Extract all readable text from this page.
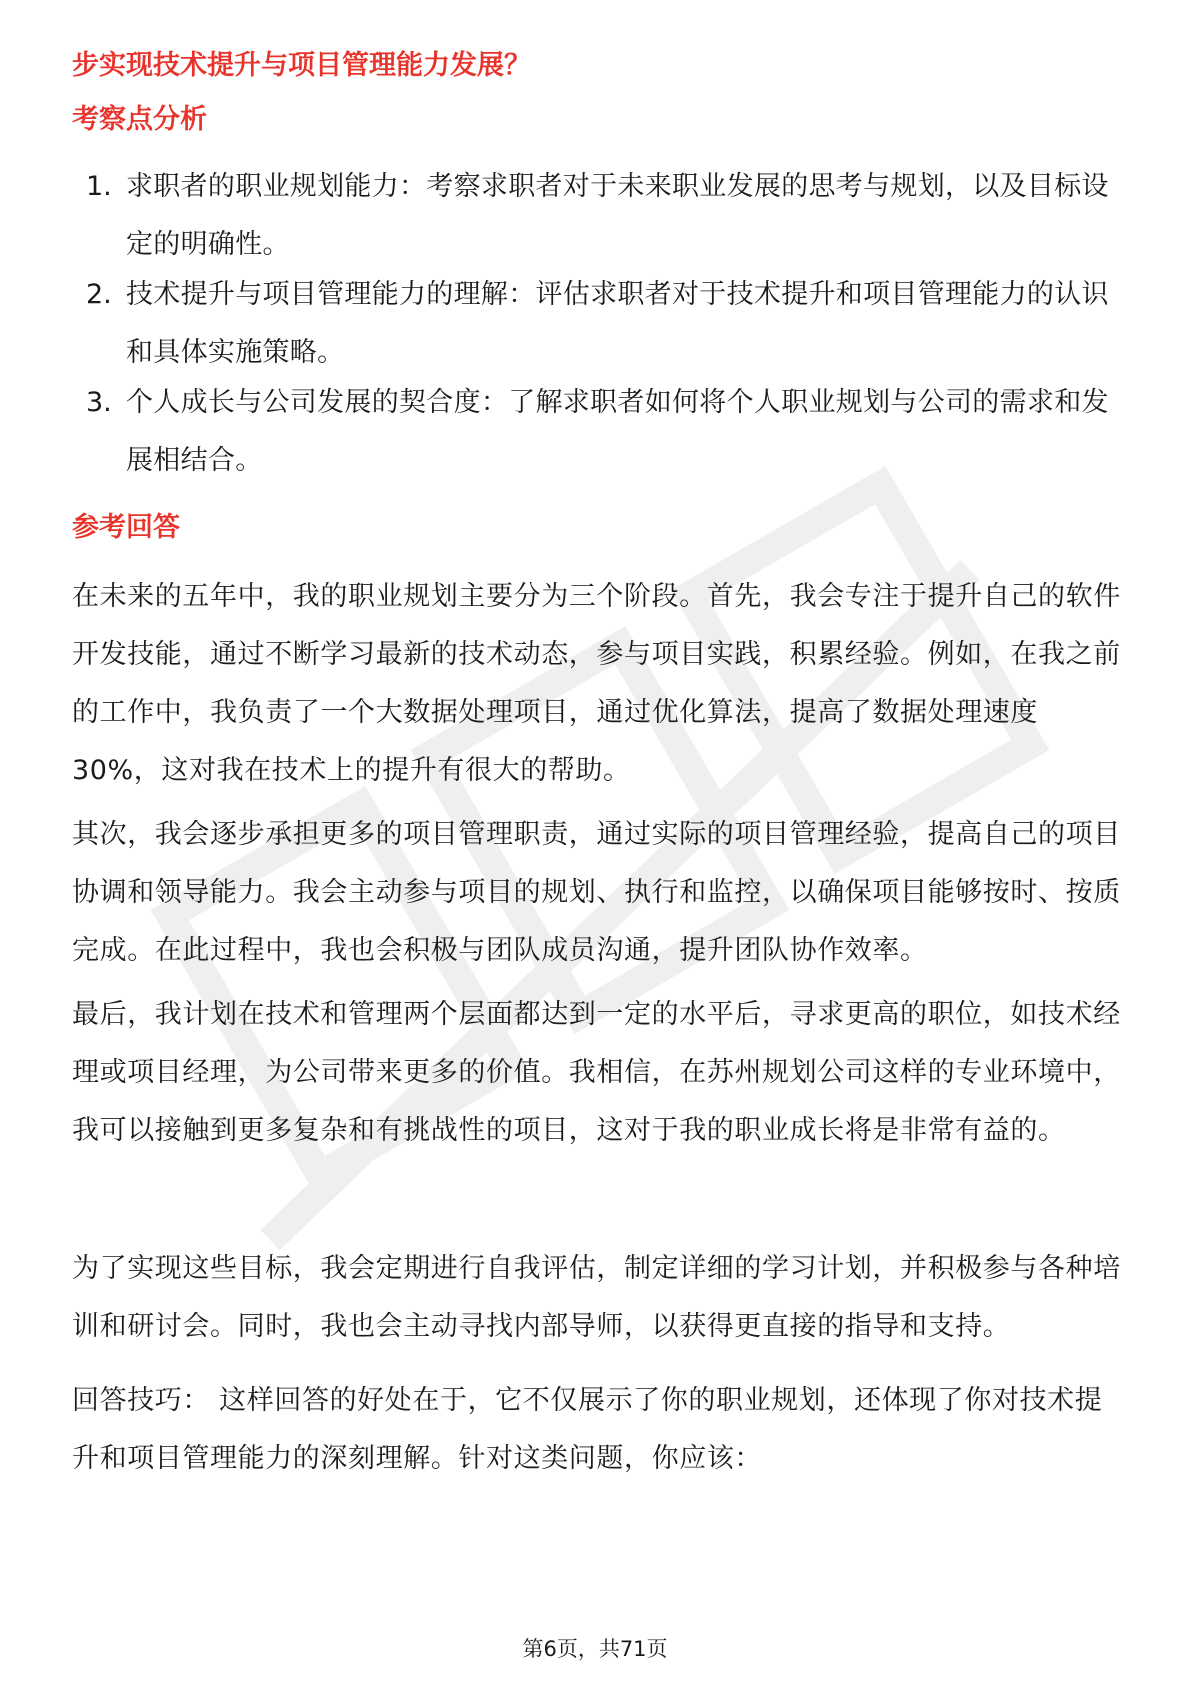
步实现技术提升与项目管理能力发展？
考察点分析
1. 求职者的职业规划能力：考察求职者对于未来职业发展的思考与规划，以及目标设定的明确性。
2. 技术提升与项目管理能力的理解：评估求职者对于技术提升和项目管理能力的认识和具体实施策略。
3. 个人成长与公司发展的契合度：了解求职者如何将个人职业规划与公司的需求和发展相结合。
参考回答

在未来的五年中，我的职业规划主要分为三个阶段。首先，我会专注于提升自己的软件开发技能，通过不断学习最新的技术动态，参与项目实践，积累经验。例如，在我之前的工作中，我负责了一个大数据处理项目，通过优化算法，提高了数据处理速度30%，这对我在技术上的提升有很大的帮助。

其次，我会逐步承担更多的项目管理职责，通过实际的项目管理经验，提高自己的项目协调和领导能力。我会主动参与项目的规划、执行和监控，以确保项目能够按时、按质完成。在此过程中，我也会积极与团队成员沟通，提升团队协作效率。

最后，我计划在技术和管理两个层面都达到一定的水平后，寻求更高的职位，如技术经理或项目经理，为公司带来更多的价值。我相信，在苏州规划公司这样的专业环境中，我可以接触到更多复杂和有挑战性的项目，这对于我的职业成长将是非常有益的。

为了实现这些目标，我会定期进行自我评估，制定详细的学习计划，并积极参与各种培训和研讨会。同时，我也会主动寻找内部导师，以获得更直接的指导和支持。

回答技巧： 这样回答的好处在于，它不仅展示了你的职业规划，还体现了你对技术提升和项目管理能力的深刻理解。针对这类问题，你应该：

第6页，共71页
